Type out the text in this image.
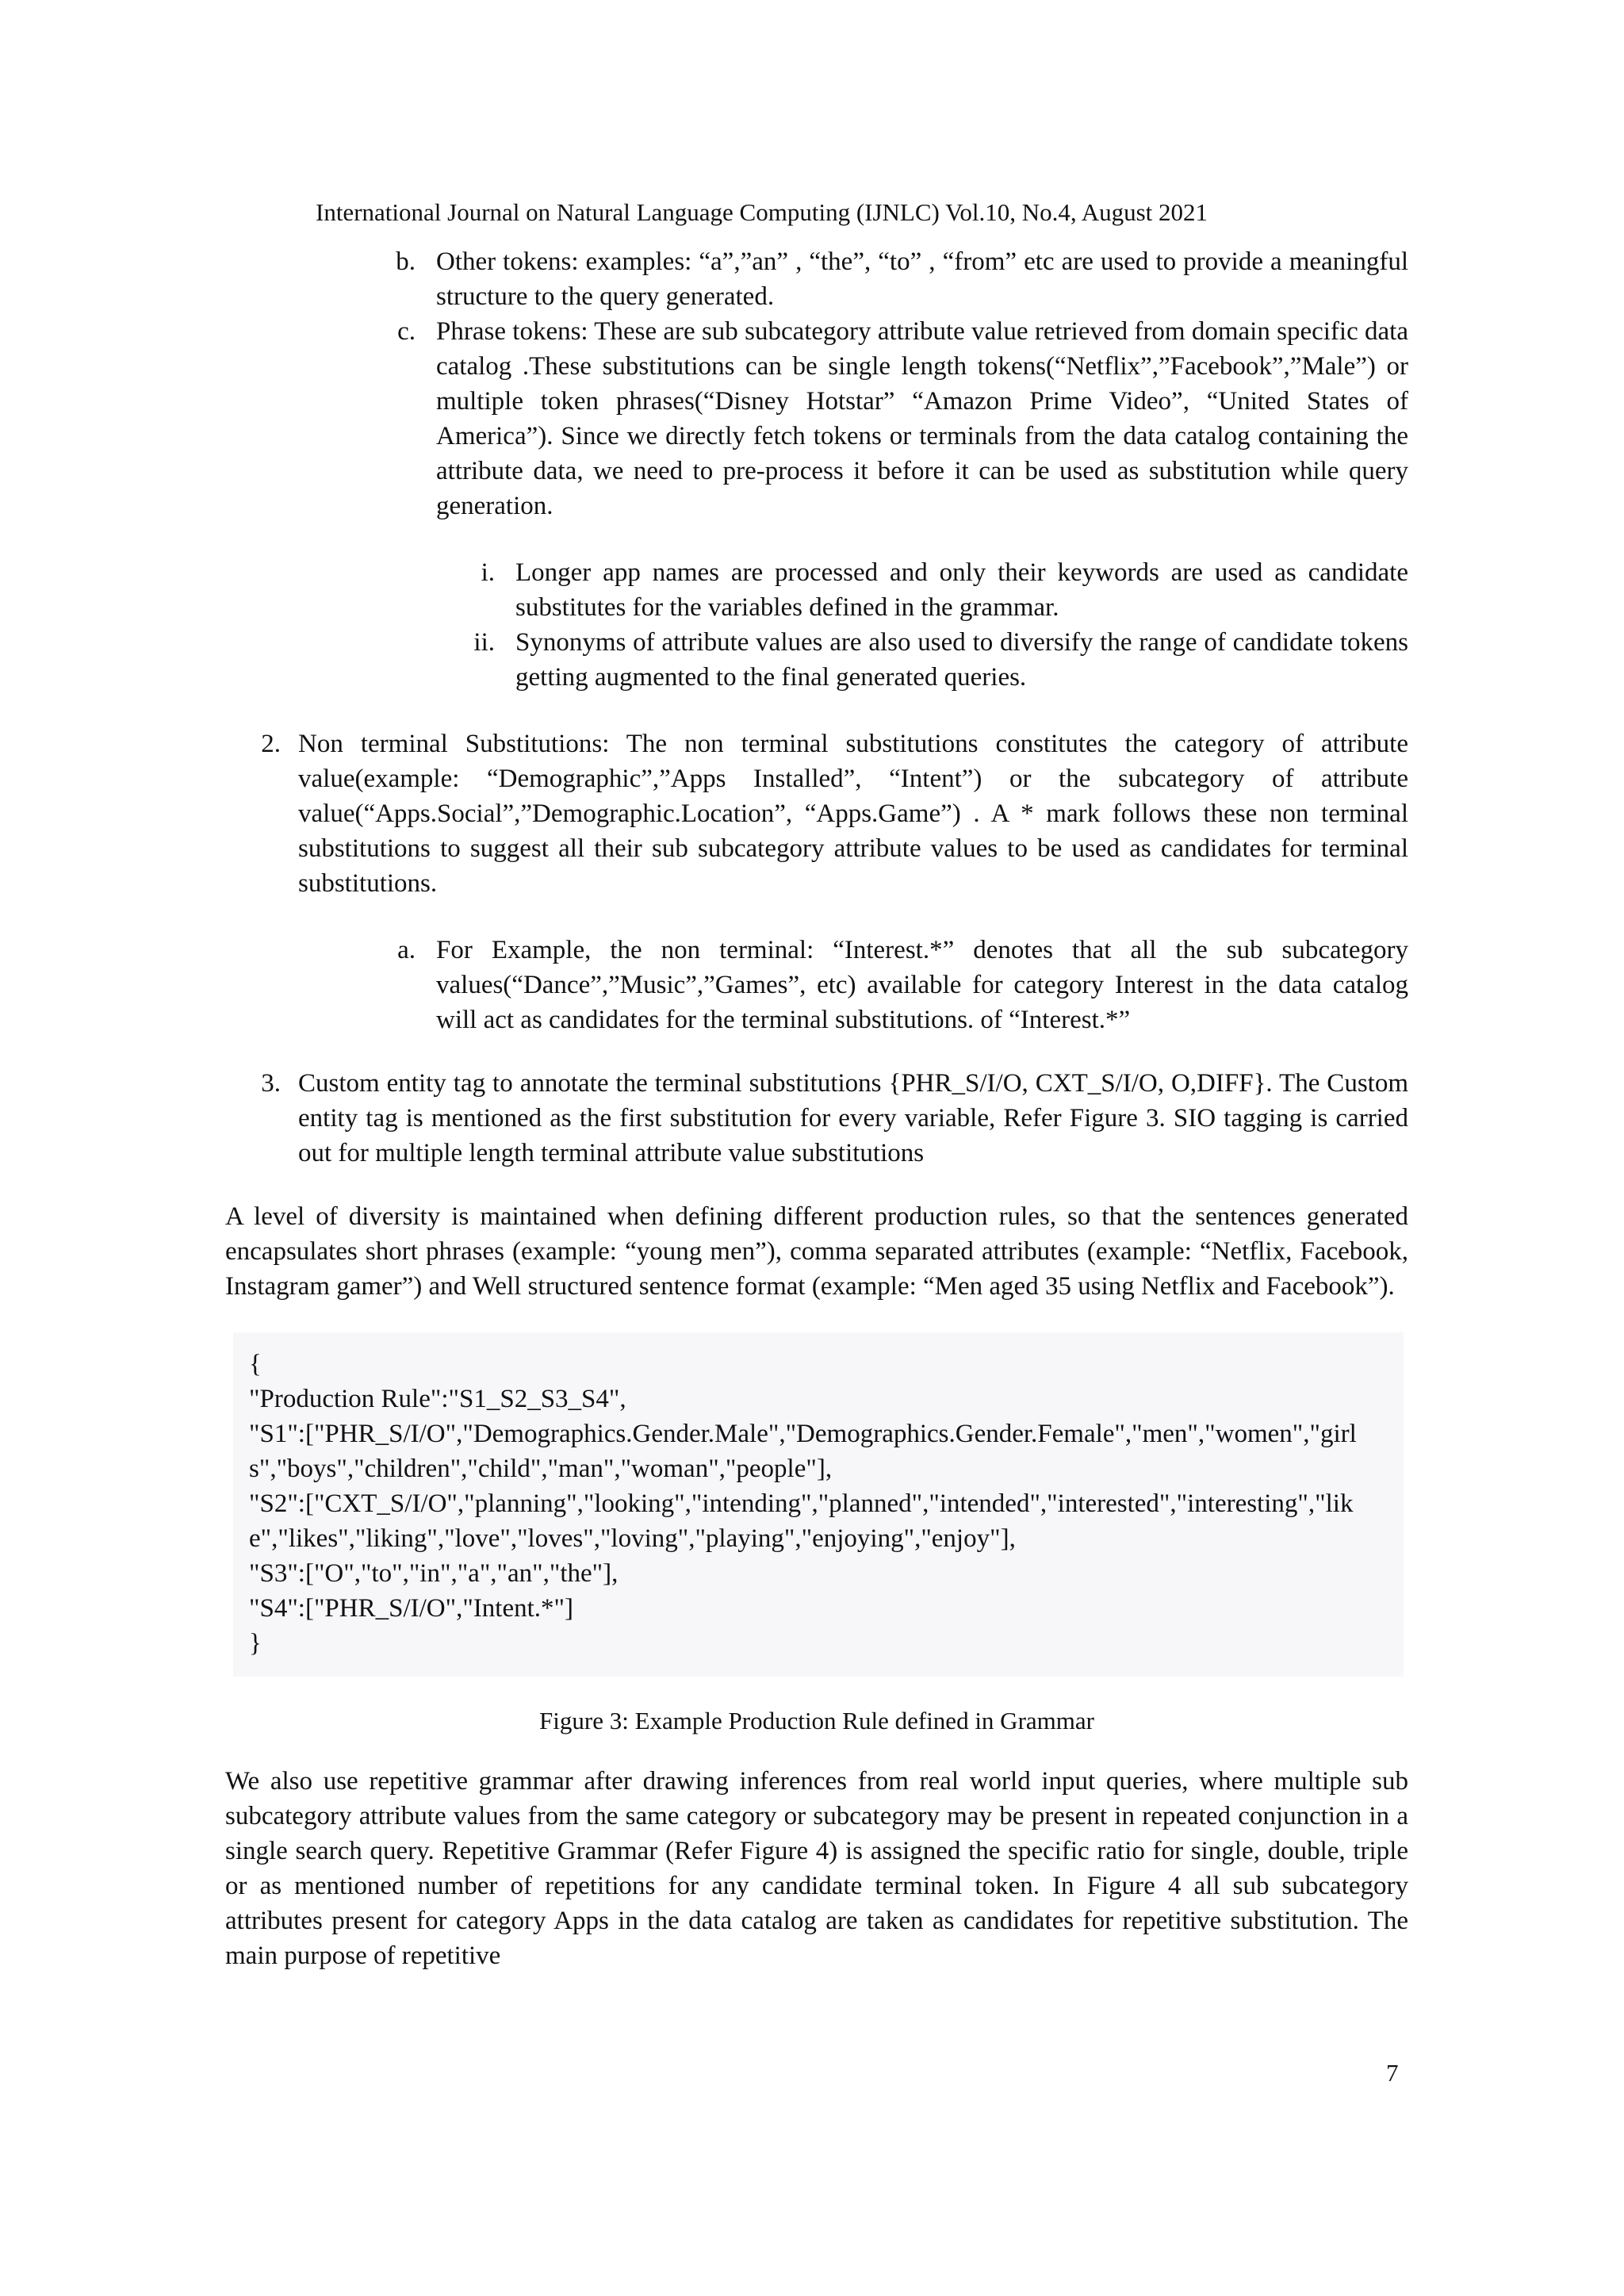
International Journal on Natural Language Computing (IJNLC) Vol.10, No.4, August 2021
b. Other tokens: examples: “a”,”an” , “the”, “to” , “from” etc are used to provide a meaningful structure to the query generated.
c. Phrase tokens: These are sub subcategory attribute value retrieved from domain specific data catalog .These substitutions can be single length tokens(“Netflix”,”Facebook”,”Male”) or multiple token phrases(“Disney Hotstar” “Amazon Prime Video”, “United States of America”). Since we directly fetch tokens or terminals from the data catalog containing the attribute data, we need to pre-process it before it can be used as substitution while query generation.
i. Longer app names are processed and only their keywords are used as candidate substitutes for the variables defined in the grammar.
ii. Synonyms of attribute values are also used to diversify the range of candidate tokens getting augmented to the final generated queries.
2. Non terminal Substitutions: The non terminal substitutions constitutes the category of attribute value(example: “Demographic”,”Apps Installed”, “Intent”) or the subcategory of attribute value(“Apps.Social”,”Demographic.Location”, “Apps.Game”) . A * mark follows these non terminal substitutions to suggest all their sub subcategory attribute values to be used as candidates for terminal substitutions.
a. For Example, the non terminal: “Interest.*” denotes that all the sub subcategory values(“Dance”,”Music”,”Games”, etc) available for category Interest in the data catalog will act as candidates for the terminal substitutions. of “Interest.*”
3. Custom entity tag to annotate the terminal substitutions {PHR_S/I/O, CXT_S/I/O, O,DIFF}. The Custom entity tag is mentioned as the first substitution for every variable, Refer Figure 3. SIO tagging is carried out for multiple length terminal attribute value substitutions
A level of diversity is maintained when defining different production rules, so that the sentences generated encapsulates short phrases (example: “young men”), comma separated attributes (example: “Netflix, Facebook, Instagram gamer”) and Well structured sentence format (example: “Men aged 35 using Netflix and Facebook”).
{
"Production Rule":"S1_S2_S3_S4",
"S1":["PHR_S/I/O","Demographics.Gender.Male","Demographics.Gender.Female","men","women","girls","boys","children","child","man","woman","people"],
"S2":["CXT_S/I/O","planning","looking","intending","planned","intended","interested","interesting","like","likes","liking","love","loves","loving","playing","enjoying","enjoy"],
"S3":["O","to","in","a","an","the"],
"S4":["PHR_S/I/O","Intent.*"]
}
Figure 3: Example Production Rule defined in Grammar
We also use repetitive grammar after drawing inferences from real world input queries, where multiple sub subcategory attribute values from the same category or subcategory may be present in repeated conjunction in a single search query. Repetitive Grammar (Refer Figure 4) is assigned the specific ratio for single, double, triple or as mentioned number of repetitions for any candidate terminal token. In Figure 4 all sub subcategory attributes present for category Apps in the data catalog are taken as candidates for repetitive substitution. The main purpose of repetitive
7
